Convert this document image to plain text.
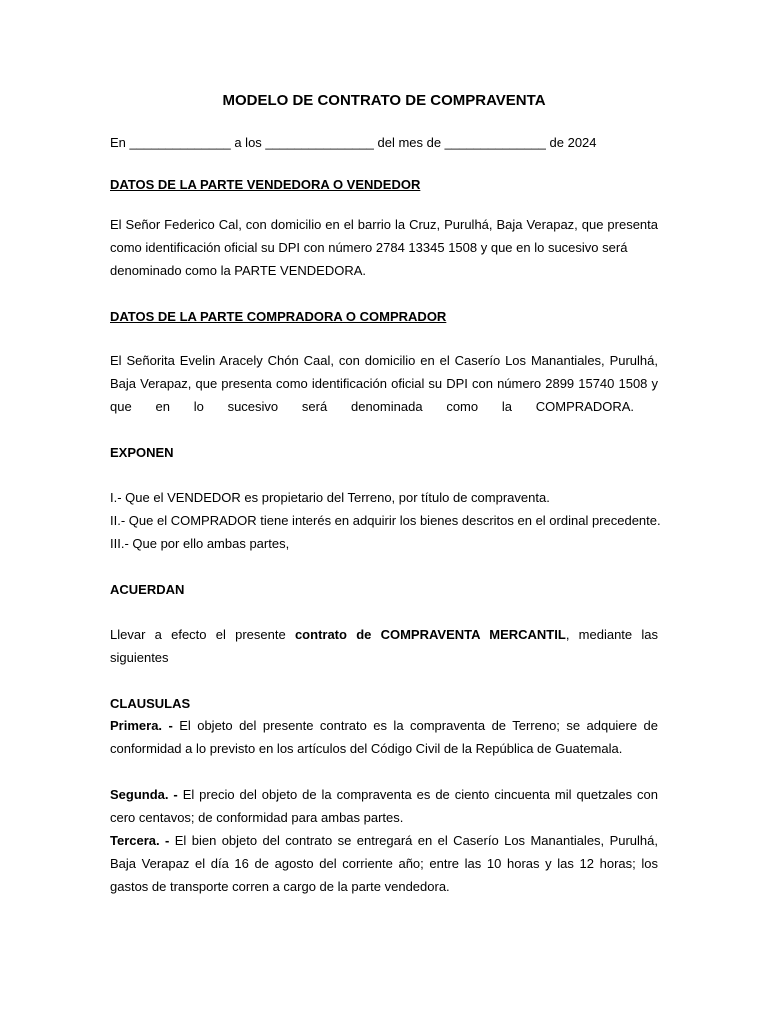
MODELO DE CONTRATO DE COMPRAVENTA
En ______________ a los _______________ del mes de ______________ de 2024
DATOS DE LA PARTE VENDEDORA O VENDEDOR
El Señor Federico Cal, con domicilio en el barrio la Cruz, Purulhá, Baja Verapaz, que presenta
como identificación oficial su DPI con número 2784 13345 1508 y que en lo sucesivo será
denominado como la PARTE VENDEDORA.
DATOS DE LA PARTE COMPRADORA O COMPRADOR
El Señorita Evelin Aracely Chón Caal, con domicilio en el Caserío Los Manantiales, Purulhá,
Baja Verapaz, que presenta como identificación oficial su DPI con número 2899 15740 1508 y
que en lo sucesivo será denominada como la COMPRADORA.
EXPONEN
I.- Que el VENDEDOR es propietario del Terreno, por título de compraventa.
II.- Que el COMPRADOR tiene interés en adquirir los bienes descritos en el ordinal precedente.
III.- Que por ello ambas partes,
ACUERDAN
Llevar a efecto el presente contrato de COMPRAVENTA MERCANTIL, mediante las
siguientes
CLAUSULAS
Primera. - El objeto del presente contrato es la compraventa de Terreno; se adquiere de
conformidad a lo previsto en los artículos del Código Civil de la República de Guatemala.
Segunda. - El precio del objeto de la compraventa es de ciento cincuenta mil quetzales con
cero centavos; de conformidad para ambas partes.
Tercera. - El bien objeto del contrato se entregará en el Caserío Los Manantiales, Purulhá,
Baja Verapaz el día 16 de agosto del corriente año; entre las 10 horas y las 12 horas; los
gastos de transporte corren a cargo de la parte vendedora.
